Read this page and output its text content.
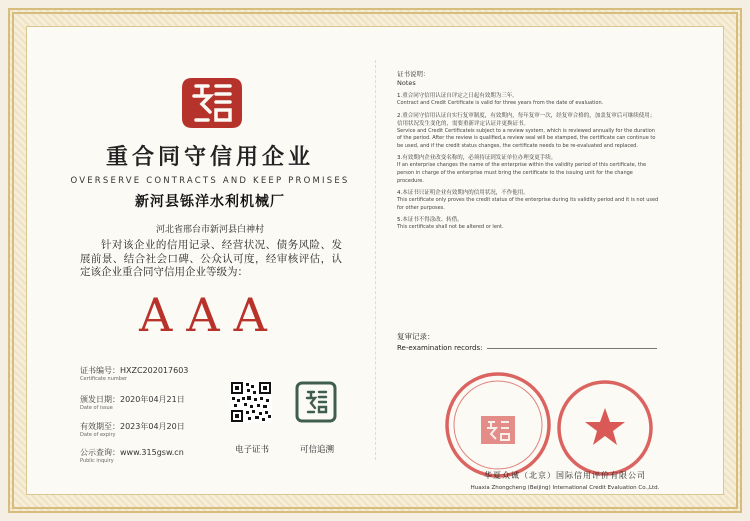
重合同守信用企业
OVERSERVE CONTRACTS AND KEEP PROMISES
新河县铄洋水利机械厂
河北省邢台市新河县白神村
针对该企业的信用记录、经营状况、债务风险、发展前景、结合社会口碑、公众认可度，经审核评估，认定该企业重合同守信用企业等级为：
AAA
证书编号：HXZC202017603
Certificate number
颁发日期：2020年04月21日
Date of issue
有效期至：2023年04月20日
Date of expiry
公示查询：www.315gsw.cn
Public inquiry
电子证书	可信追溯
证书说明：
Notes
1.重合同守信用认证自评定之日起有效期为三年。
Contract and Credit Certificate is valid for three years from the date of evaluation.
2.重合同守信用认证自实行复审制度，有效期内，每年复审一次，经复审合格的，加盖复审后可继续使用；信用状况发生变化的，需要重新评定认证并更换证书。
Service and Credit Certificateis subject to a review system, which is reviewed annually for the duration of the period. After the review is qualified,a review seal will be stamped, the certificate can continue to be used, and if the credit status changes, the certificate needs to be re-evaluated and replaced.
3.有效期内企业改变名称的，必须持证到发证单位办理变更手续。
If an enterprise changes the name of the enterprise within the validity period of this certificate, the person in charge of the enterprise must bring the certificate to the issuing unit for the change procedure.
4.本证书只证明企业有效期内的信用状况，不作他用。
This certificate only proves the credit status of the enterprise during its validity period and it is not used for other purposes.
5.本证书不得涂改、转借。
This certificate shall not be altered or lent.
复审记录：
Re-examination records:
华夏众诚（北京）国际信用评价有限公司
Huaxia Zhongcheng (Beijing) International Credit Evaluation Co.,Ltd.
